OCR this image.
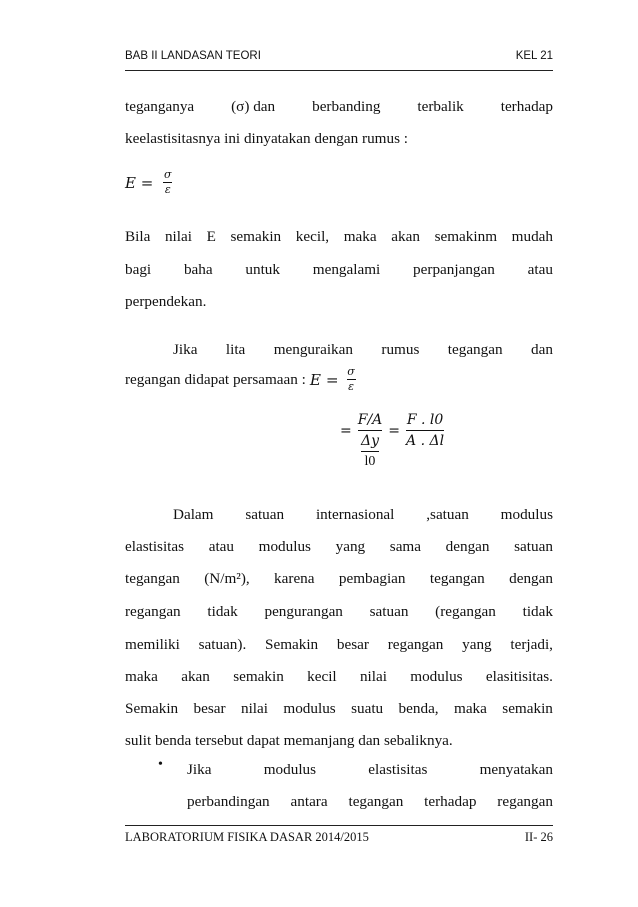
BAB II LANDASAN TEORI	KEL 21
teganganya (σ) dan berbanding terbalik terhadap
keelastisitasnya ini dinyatakan dengan rumus :
$E = \frac{\sigma}{\varepsilon}$
Bila nilai E semakin kecil, maka akan semakinm mudah
bagi baha untuk mengalami perpanjangan atau
perpendekan.
Jika lita menguraikan rumus tegangan dan
regangan didapat persamaan : $E = \frac{\sigma}{\varepsilon}$
=
F/A
Δy
l0
=
F . l0
A . Δl
Dalam satuan internasional ,satuan modulus
elastisitas atau modulus yang sama dengan satuan
tegangan (N/m²), karena pembagian tegangan dengan
regangan tidak pengurangan satuan (regangan tidak
memiliki satuan). Semakin besar regangan yang terjadi,
maka akan semakin kecil nilai modulus elasitisitas.
Semakin besar nilai modulus suatu benda, maka semakin
sulit benda tersebut dapat memanjang dan sebaliknya.
• Jika	modulus	elastisitas	menyatakan
perbandingan antara tegangan terhadap regangan
LABORATORIUM FISIKA DASAR 2014/2015	II- 26
